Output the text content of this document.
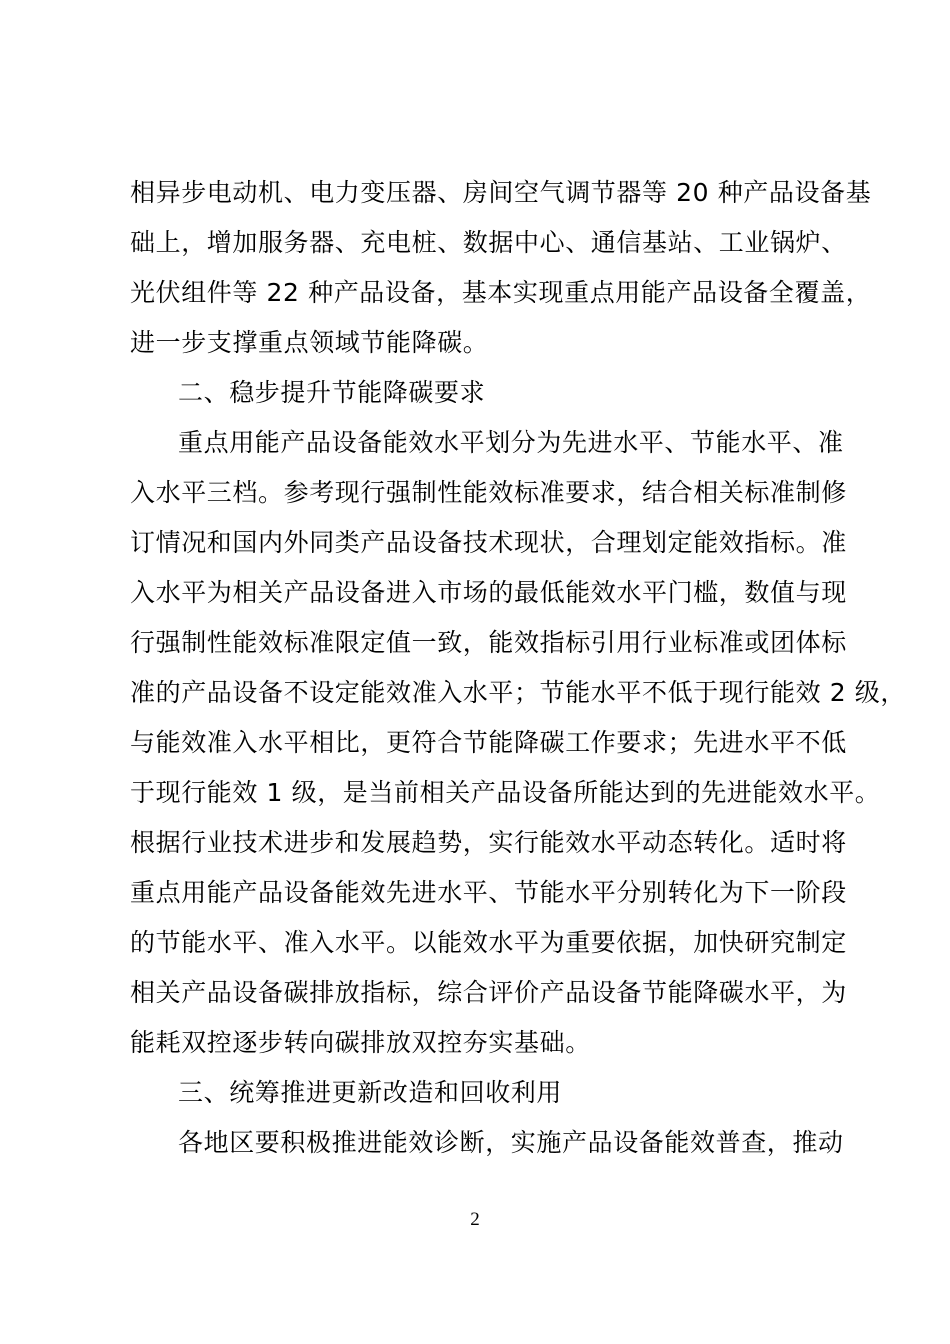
相异步电动机、电力变压器、房间空气调节器等 20 种产品设备基
础上，增加服务器、充电桩、数据中心、通信基站、工业锅炉、
光伏组件等 22 种产品设备，基本实现重点用能产品设备全覆盖，
进一步支撑重点领域节能降碳。
二、稳步提升节能降碳要求
重点用能产品设备能效水平划分为先进水平、节能水平、准
入水平三档。参考现行强制性能效标准要求，结合相关标准制修
订情况和国内外同类产品设备技术现状，合理划定能效指标。准
入水平为相关产品设备进入市场的最低能效水平门槛，数值与现
行强制性能效标准限定值一致，能效指标引用行业标准或团体标
准的产品设备不设定能效准入水平；节能水平不低于现行能效 2 级，
与能效准入水平相比，更符合节能降碳工作要求；先进水平不低
于现行能效 1 级，是当前相关产品设备所能达到的先进能效水平。
根据行业技术进步和发展趋势，实行能效水平动态转化。适时将
重点用能产品设备能效先进水平、节能水平分别转化为下一阶段
的节能水平、准入水平。以能效水平为重要依据，加快研究制定
相关产品设备碳排放指标，综合评价产品设备节能降碳水平，为
能耗双控逐步转向碳排放双控夯实基础。
三、统筹推进更新改造和回收利用
各地区要积极推进能效诊断，实施产品设备能效普查，推动
2
